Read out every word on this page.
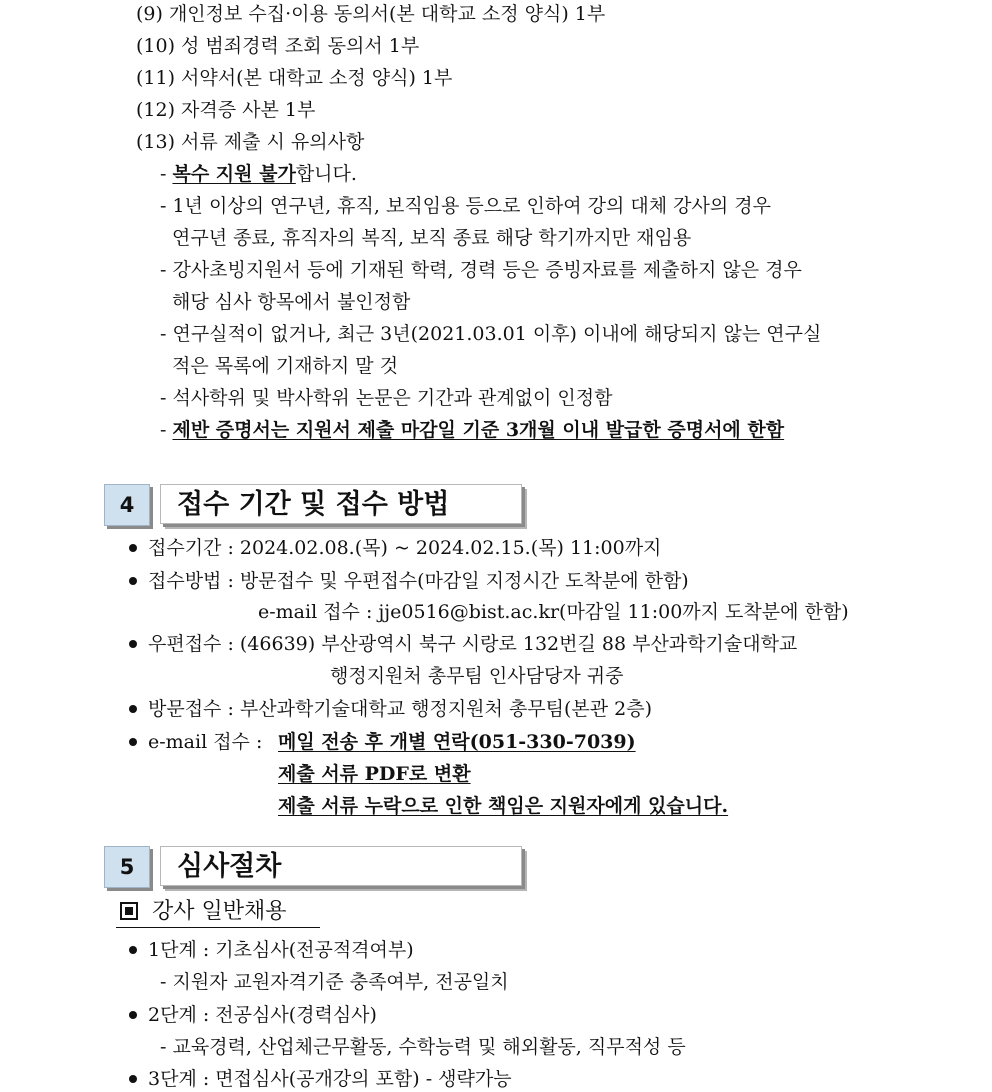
(9) 개인정보 수집·이용 동의서(본 대학교 소정 양식) 1부
(10) 성 범죄경력 조회 동의서 1부
(11) 서약서(본 대학교 소정 양식) 1부
(12) 자격증 사본 1부
(13) 서류 제출 시 유의사항
- 복수 지원 불가합니다.
- 1년 이상의 연구년, 휴직, 보직임용 등으로 인하여 강의 대체 강사의 경우
연구년 종료, 휴직자의 복직, 보직 종료 해당 학기까지만 재임용
- 강사초빙지원서 등에 기재된 학력, 경력 등은 증빙자료를 제출하지 않은 경우
해당 심사 항목에서 불인정함
- 연구실적이 없거나, 최근 3년(2021.03.01 이후) 이내에 해당되지 않는 연구실
적은 목록에 기재하지 말 것
- 석사학위 및 박사학위 논문은 기간과 관계없이 인정함
- 제반 증명서는 지원서 제출 마감일 기준 3개월 이내 발급한 증명서에 한함
4	접수 기간 및 접수 방법
접수기간 : 2024.02.08.(목) ~ 2024.02.15.(목) 11:00까지
접수방법 : 방문접수 및 우편접수(마감일 지정시간 도착분에 한함)
e-mail 접수 : jje0516@bist.ac.kr(마감일 11:00까지 도착분에 한함)
우편접수 : (46639) 부산광역시 북구 시랑로 132번길 88 부산과학기술대학교
행정지원처 총무팀 인사담당자 귀중
방문접수 : 부산과학기술대학교 행정지원처 총무팀(본관 2층)
e-mail 접수 : 메일 전송 후 개별 연락(051-330-7039)
제출 서류 PDF로 변환
제출 서류 누락으로 인한 책임은 지원자에게 있습니다.
5	심사절차
강사 일반채용
1단계 : 기초심사(전공적격여부)
- 지원자 교원자격기준 충족여부, 전공일치
2단계 : 전공심사(경력심사)
- 교육경력, 산업체근무활동, 수학능력 및 해외활동, 직무적성 등
3단계 : 면접심사(공개강의 포함) - 생략가능
